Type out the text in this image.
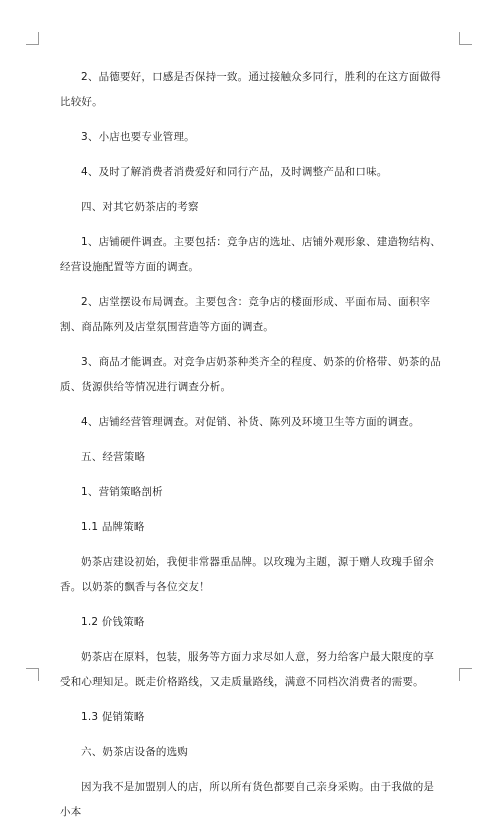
2、品德要好，口感是否保持一致。通过接触众多同行，胜利的在这方面做得比较好。

3、小店也要专业管理。

4、及时了解消费者消费爱好和同行产品，及时调整产品和口味。

四、对其它奶茶店的考察

1、店铺硬件调查。主要包括：竞争店的选址、店铺外观形象、建造物结构、经营设施配置等方面的调查。

2、店堂摆设布局调查。主要包含：竞争店的楼面形成、平面布局、面积宰割、商品陈列及店堂氛围营造等方面的调查。

3、商品才能调查。对竞争店奶茶种类齐全的程度、奶茶的价格带、奶茶的品质、货源供给等情况进行调查分析。

4、店铺经营管理调查。对促销、补货、陈列及环境卫生等方面的调查。

五、经营策略

1、营销策略剖析

1.1 品牌策略

奶茶店建设初始，我便非常器重品牌。以玫瑰为主题，源于赠人玫瑰手留余香。以奶茶的飘香与各位交友！

1.2 价钱策略

奶茶店在原料，包装，服务等方面力求尽如人意，努力给客户最大限度的享受和心理知足。既走价格路线，又走质量路线，满意不同档次消费者的需要。

1.3 促销策略

六、奶茶店设备的选购

因为我不是加盟别人的店，所以所有货色都要自己亲身采购。由于我做的是小本
